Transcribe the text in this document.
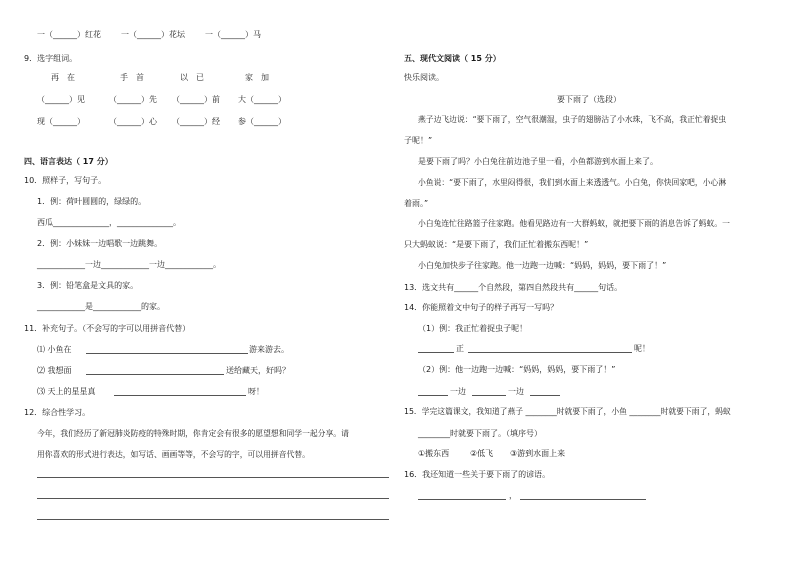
一（______）红花	一（______）花坛	一（______）马
9．选字组词。
再　在	手　首	以　已	家　加
（______）见	（______）先 （______）前 大（______）
现（______）	（______）心 （______）经 参（______）
四、语言表达（ 17 分）
10．照样子，写句子。
1．例：荷叶圆圆的，绿绿的。
西瓜______________，______________。
2．例：小妹妹一边唱歌一边跳舞。
____________一边____________一边____________。
3．例：铅笔盒是文具的家。
____________是____________的家。
11．补充句子。（不会写的字可以用拼音代替）
⑴ 小鱼在	游来游去。
⑵ 我想面	送给藏天，好吗？
⑶ 天上的星星真	呀！
12．综合性学习。
今年，我们经历了新冠肺炎防疫的特殊时期，你肯定会有很多的愿望想和同学一起分享。请
用你喜欢的形式进行表达，如写话、画画等等，不会写的字，可以用拼音代替。
五、现代文阅读（ 15 分）
快乐阅读。
要下雨了（选段）
燕子边飞边说：“要下雨了，空气很潮湿，虫子的翅膀沾了小水珠，飞不高，我正忙着捉虫
子呢！”
是要下雨了吗？小白兔往前边池子里一看，小鱼都游到水面上来了。
小鱼说：“要下雨了，水里闷得很，我们到水面上来透透气。小白兔，你快回家吧，小心淋
着雨。”
小白兔连忙往路篮子往家跑。他看见路边有一大群蚂蚁，就把要下雨的消息告诉了蚂蚁。一
只大蚂蚁说：“是要下雨了，我们正忙着搬东西呢！”
小白兔加快步子往家跑。他一边跑一边喊：“妈妈，妈妈，要下雨了！”
13．选文共有______个自然段，第四自然段共有______句话。
14．你能照着文中句子的样子再写一写吗？
（1）例：我正忙着捉虫子呢！
正	呢！
（2）例：他一边跑一边喊：“妈妈，妈妈，要下雨了！”
一边	一边
15．学完这篇课文，我知道了燕子 ________时就要下雨了，小鱼 ________时就要下雨了，蚂蚁
________时就要下雨了。（填序号）
①搬东西	②低飞 ③游到水面上来
16．我还知道一些关于要下雨了的谚语。
，
